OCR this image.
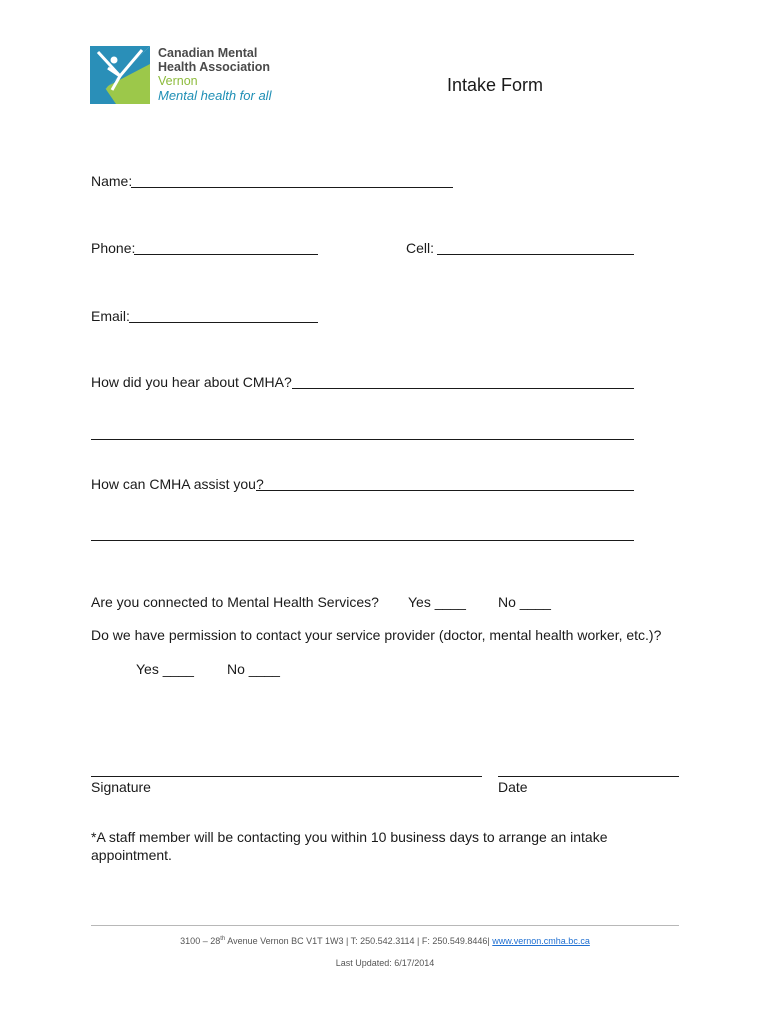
Canadian Mental
Health Association
Vernon
Mental health for all
Intake Form
Name:
Phone:	Cell:
Email:
How did you hear about CMHA?
How can CMHA assist you?
Are you connected to Mental Health Services? Yes ____ No ____
Do we have permission to contact your service provider (doctor, mental health worker, etc.)?
Yes ____ No ____
Signature	Date
*A staff member will be contacting you within 10 business days to arrange an intake
appointment.
3100 – 28th Avenue Vernon BC V1T 1W3 | T: 250.542.3114 | F: 250.549.8446| www.vernon.cmha.bc.ca
Last Updated: 6/17/2014
